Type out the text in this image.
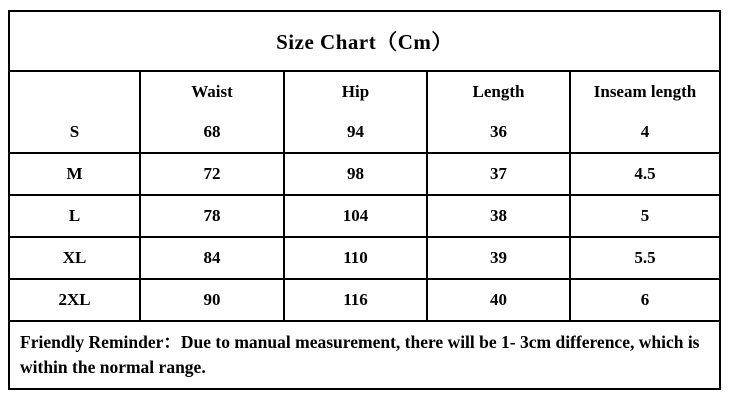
Size Chart（Cm）
	Waist	Hip	Length	Inseam length
S	68	94	36	4
M	72	98	37	4.5
L	78	104	38	5
XL	84	110	39	5.5
2XL	90	116	40	6

Friendly Reminder：Due to manual measurement, there will be 1- 3cm difference, which is within the normal range.
